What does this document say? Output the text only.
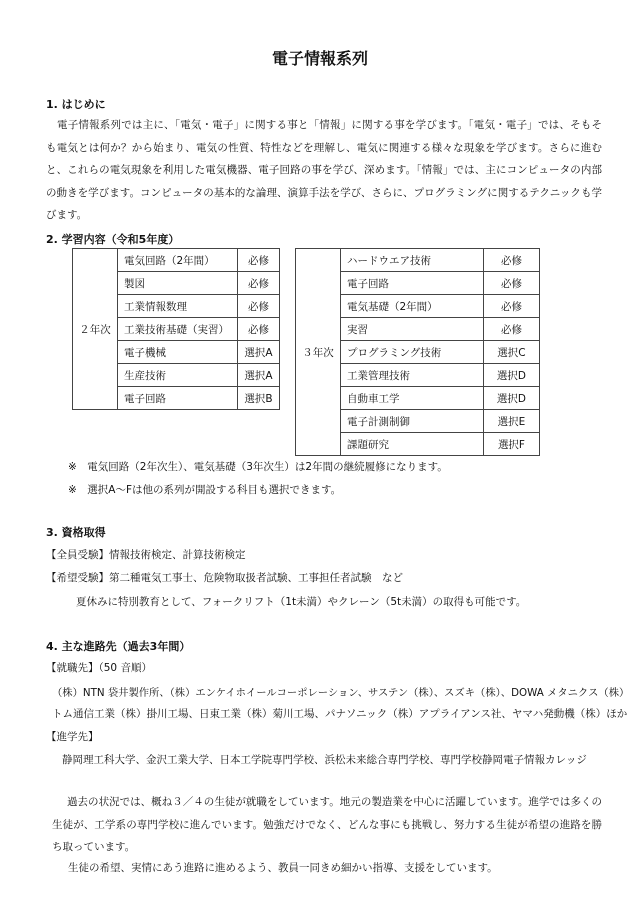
電子情報系列
1. はじめに
電子情報系列では主に、「電気・電子」に関する事と「情報」に関する事を学びます。「電気・電子」では、そもそも電気とは何か？から始まり、電気の性質、特性などを理解し、電気に関連する様々な現象を学びます。さらに進むと、これらの電気現象を利用した電気機器、電子回路の事を学び、深めます。「情報」では、主にコンピュータの内部の動きを学びます。コンピュータの基本的な論理、演算手法を学び、さらに、プログラミングに関するテクニックも学びます。
2. 学習内容（令和5年度）
２年次	電気回路（2年間）	必修
	製図	必修
	工業情報数理	必修
	工業技術基礎（実習）	必修
	電子機械	選択A
	生産技術	選択A
	電子回路	選択B
３年次	ハードウエア技術	必修
	電子回路	必修
	電気基礎（2年間）	必修
	実習	必修
	プログラミング技術	選択C
	工業管理技術	選択D
	自動車工学	選択D
	電子計測制御	選択E
	課題研究	選択F
※　電気回路（2年次生）、電気基礎（3年次生）は2年間の継続履修になります。
※　選択A～Fは他の系列が開設する科目も選択できます。
3. 資格取得
【全員受験】情報技術検定、計算技術検定
【希望受験】第二種電気工事士、危険物取扱者試験、工事担任者試験　など
夏休みに特別教育として、フォークリフト（1t未満）やクレーン（5t未満）の取得も可能です。
4. 主な進路先（過去3年間）
【就職先】（50 音順）
（株）NTN 袋井製作所、（株）エンケイホイールコーポレーション、サステン（株）、スズキ（株）、DOWA メタニクス（株）
トム通信工業（株）掛川工場、日東工業（株）菊川工場、パナソニック（株）アプライアンス社、ヤマハ発動機（株）ほか
【進学先】
静岡理工科大学、金沢工業大学、日本工学院専門学校、浜松未来総合専門学校、専門学校静岡電子情報カレッジ
過去の状況では、概ね３／４の生徒が就職をしています。地元の製造業を中心に活躍しています。進学では多くの生徒が、工学系の専門学校に進んでいます。勉強だけでなく、どんな事にも挑戦し、努力する生徒が希望の進路を勝ち取っています。
生徒の希望、実情にあう進路に進めるよう、教員一同きめ細かい指導、支援をしています。
